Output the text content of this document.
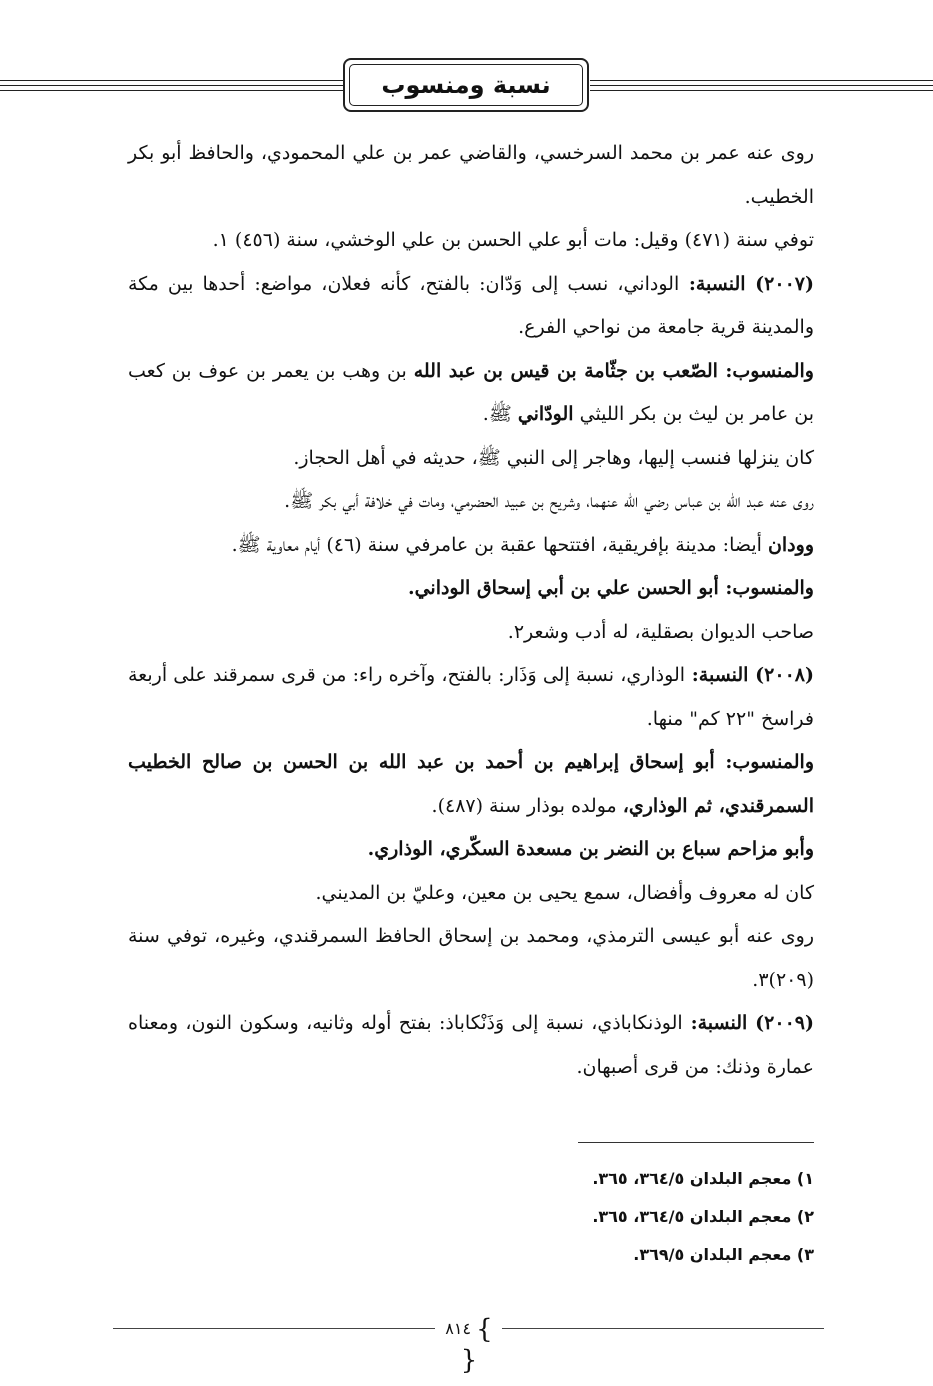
نسبة ومنسوب

روى عنه عمر بن محمد السرخسي، والقاضي عمر بن علي المحمودي، والحافظ أبو بكر الخطيب.

توفي سنة (٤٧١) وقيل: مات أبو علي الحسن بن علي الوخشي، سنة (٤٥٦) ١.

(٢٠٠٧) النسبة: الوداني، نسب إلى وَدّان: بالفتح، كأنه فعلان، مواضع: أحدها بين مكة والمدينة قرية جامعة من نواحي الفرع.

والمنسوب: الصّعب بن جثّامة بن قيس بن عبد الله بن وهب بن يعمر بن عوف بن كعب بن عامر بن ليث بن بكر الليثي الودّاني ﷺ.

كان ينزلها فنسب إليها، وهاجر إلى النبي ﷺ، حديثه في أهل الحجاز.

روى عنه عبد الله بن عباس رضي الله عنهما، وشريح بن عبيد الحضرمي، ومات في خلافة أبي بكر ﷺ.

وودان أيضا: مدينة بإفريقية، افتتحها عقبة بن عامرفي سنة (٤٦) أيام معاوية ﷺ.

والمنسوب: أبو الحسن علي بن أبي إسحاق الوداني.

صاحب الديوان بصقلية، له أدب وشعر٢.

(٢٠٠٨) النسبة: الوذاري، نسبة إلى وَذَار: بالفتح، وآخره راء: من قرى سمرقند على أربعة فراسخ "٢٢ كم" منها.

والمنسوب: أبو إسحاق إبراهيم بن أحمد بن عبد الله بن الحسن بن صالح الخطيب السمرقندي، ثم الوذاري، مولده بوذار سنة (٤٨٧).

وأبو مزاحم سباع بن النضر بن مسعدة السكّري، الوذاري.

كان له معروف وأفضال، سمع يحيى بن معين، وعليّ بن المديني.

روى عنه أبو عيسى الترمذي، ومحمد بن إسحاق الحافظ السمرقندي، وغيره، توفي سنة (٢٠٩)٣.

(٢٠٠٩) النسبة: الوذنكاباذي، نسبة إلى وَذَنْكاباذ: بفتح أوله وثانيه، وسكون النون، ومعناه عمارة وذنك: من قرى أصبهان.

١) معجم البلدان ٣٦٤/٥، ٣٦٥.
٢) معجم البلدان ٣٦٤/٥، ٣٦٥.
٣) معجم البلدان ٣٦٩/٥.
} ٨١٤ {
